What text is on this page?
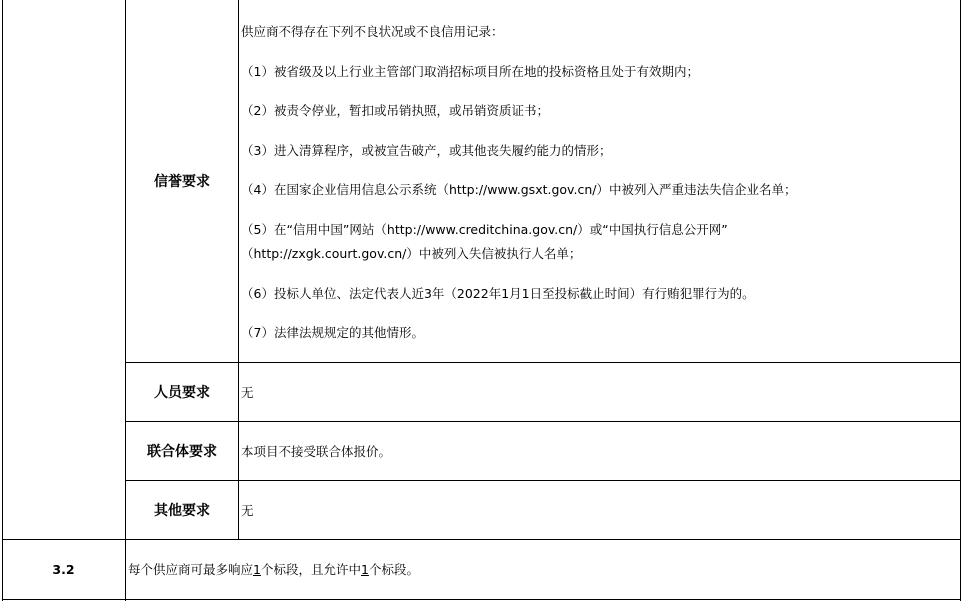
信誉要求
供应商不得存在下列不良状况或不良信用记录：
（1）被省级及以上行业主管部门取消招标项目所在地的投标资格且处于有效期内；
（2）被责令停业，暂扣或吊销执照，或吊销资质证书；
（3）进入清算程序，或被宣告破产，或其他丧失履约能力的情形；
（4）在国家企业信用信息公示系统（http://www.gsxt.gov.cn/）中被列入严重违法失信企业名单；
（5）在“信用中国”网站（http://www.creditchina.gov.cn/）或“中国执行信息公开网”
（http://zxgk.court.gov.cn/）中被列入失信被执行人名单；
（6）投标人单位、法定代表人近3年（2022年1月1日至投标截止时间）有行贿犯罪行为的。
（7）法律法规规定的其他情形。
人员要求	无
联合体要求	本项目不接受联合体报价。
其他要求	无
3.2	每个供应商可最多响应1个标段，且允许中1个标段。
